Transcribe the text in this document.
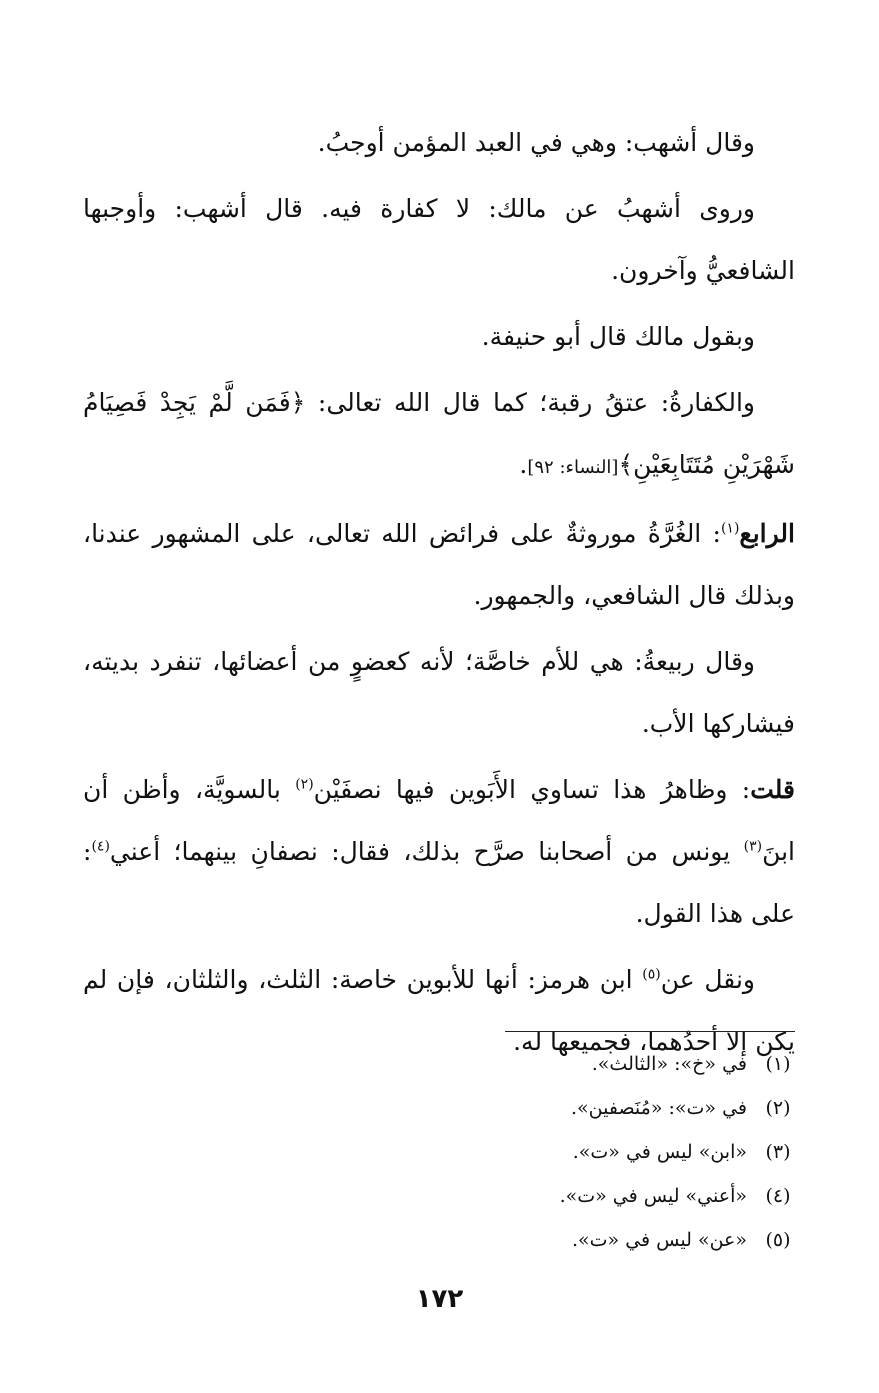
وقال أشهب: وهي في العبد المؤمن أوجبُ.

وروى أشهبُ عن مالك: لا كفارة فيه. قال أشهب: وأوجبها الشافعيُّ وآخرون.

وبقول مالك قال أبو حنيفة.

والكفارةُ: عتقُ رقبة؛ كما قال الله تعالى: ﴿فَمَن لَّمْ يَجِدْ فَصِيَامُ شَهْرَيْنِ مُتَتَابِعَيْنِ﴾[النساء: ٩٢].

الرابع$^{(١)}$: الغُرَّةُ موروثةٌ على فرائض الله تعالى، على المشهور عندنا، وبذلك قال الشافعي، والجمهور.

وقال ربيعةُ: هي للأم خاصَّة؛ لأنه كعضوٍ من أعضائها، تنفرد بديته، فيشاركها الأب.

قلت: وظاهرُ هذا تساوي الأَبَوين فيها نصفَيْن$^{(٢)}$ بالسويَّة، وأظن أن ابنَ$^{(٣)}$ يونس من أصحابنا صرَّح بذلك، فقال: نصفانِ بينهما؛ أعني$^{(٤)}$: على هذا القول.

ونقل عن$^{(٥)}$ ابن هرمز: أنها للأبوين خاصة: الثلث، والثلثان، فإن لم يكن إلا أحدُهما، فجميعها له.

(١)
في «خ»: «الثالث».
(٢)
في «ت»: «مُنَصفين».
(٣)
«ابن» ليس في «ت».
(٤)
«أعني» ليس في «ت».
(٥)
«عن» ليس في «ت».
١٧٢
